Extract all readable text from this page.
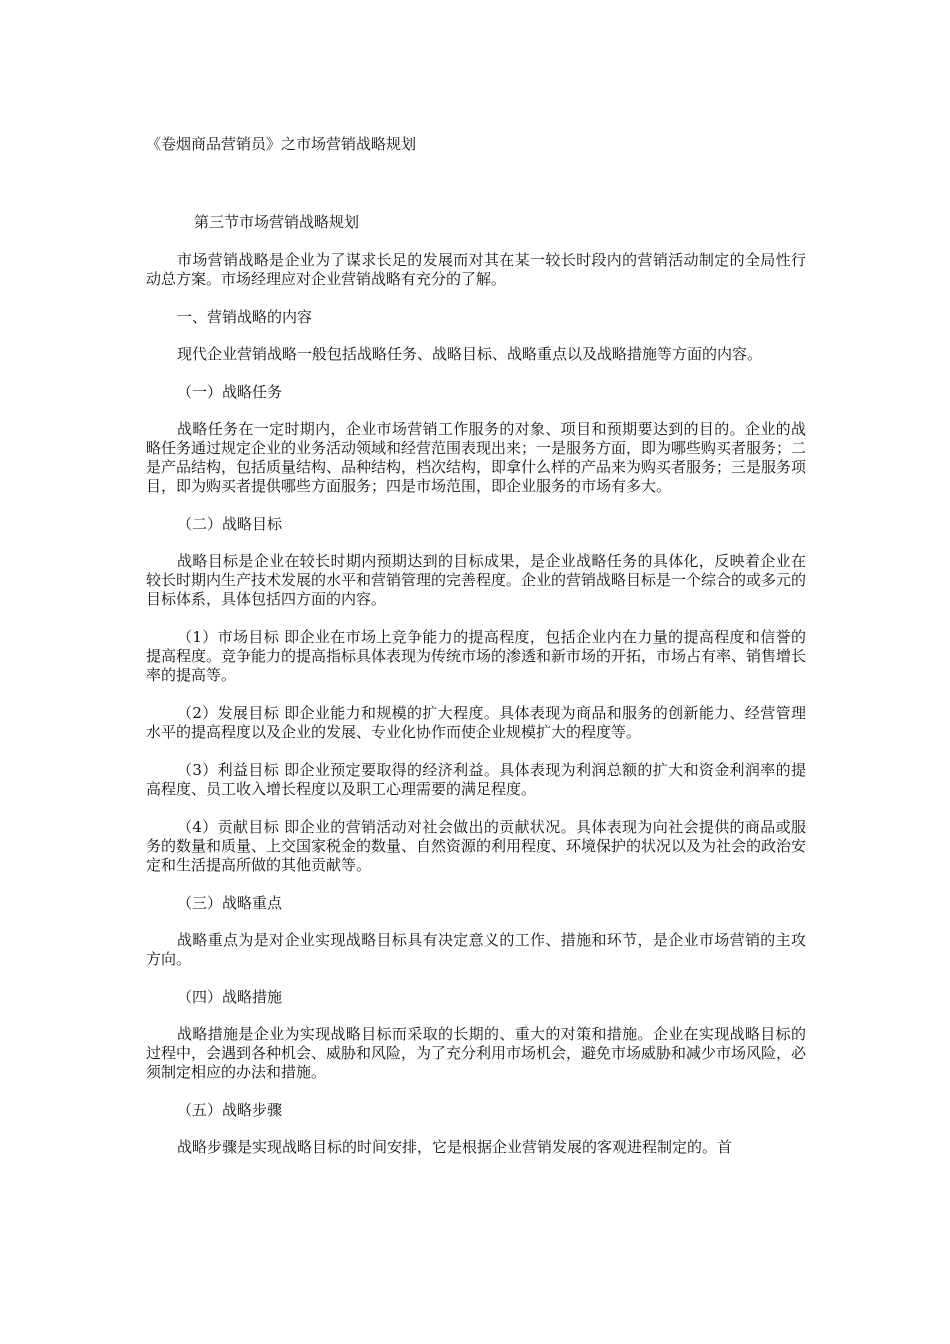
《卷烟商品营销员》之市场营销战略规划
第三节市场营销战略规划

市场营销战略是企业为了谋求长足的发展而对其在某一较长时段内的营销活动制定的全局性行动总方案。市场经理应对企业营销战略有充分的了解。

一、营销战略的内容

现代企业营销战略一般包括战略任务、战略目标、战略重点以及战略措施等方面的内容。

（一）战略任务

战略任务在一定时期内，企业市场营销工作服务的对象、项目和预期要达到的目的。企业的战略任务通过规定企业的业务活动领域和经营范围表现出来；一是服务方面，即为哪些购买者服务；二是产品结构，包括质量结构、品种结构，档次结构，即拿什么样的产品来为购买者服务；三是服务项目，即为购买者提供哪些方面服务；四是市场范围，即企业服务的市场有多大。

（二）战略目标

战略目标是企业在较长时期内预期达到的目标成果，是企业战略任务的具体化，反映着企业在较长时期内生产技术发展的水平和营销管理的完善程度。企业的营销战略目标是一个综合的或多元的目标体系，具体包括四方面的内容。

（1）市场目标 即企业在市场上竞争能力的提高程度，包括企业内在力量的提高程度和信誉的提高程度。竞争能力的提高指标具体表现为传统市场的渗透和新市场的开拓，市场占有率、销售增长率的提高等。

（2）发展目标 即企业能力和规模的扩大程度。具体表现为商品和服务的创新能力、经营管理水平的提高程度以及企业的发展、专业化协作而使企业规模扩大的程度等。

（3）利益目标 即企业预定要取得的经济利益。具体表现为利润总额的扩大和资金利润率的提高程度、员工收入增长程度以及职工心理需要的满足程度。

（4）贡献目标 即企业的营销活动对社会做出的贡献状况。具体表现为向社会提供的商品或服务的数量和质量、上交国家税金的数量、自然资源的利用程度、环境保护的状况以及为社会的政治安定和生活提高所做的其他贡献等。

（三）战略重点

战略重点为是对企业实现战略目标具有决定意义的工作、措施和环节，是企业市场营销的主攻方向。

（四）战略措施

战略措施是企业为实现战略目标而采取的长期的、重大的对策和措施。企业在实现战略目标的过程中，会遇到各种机会、威胁和风险，为了充分利用市场机会，避免市场威胁和减少市场风险，必须制定相应的办法和措施。

（五）战略步骤

战略步骤是实现战略目标的时间安排，它是根据企业营销发展的客观进程制定的。首
